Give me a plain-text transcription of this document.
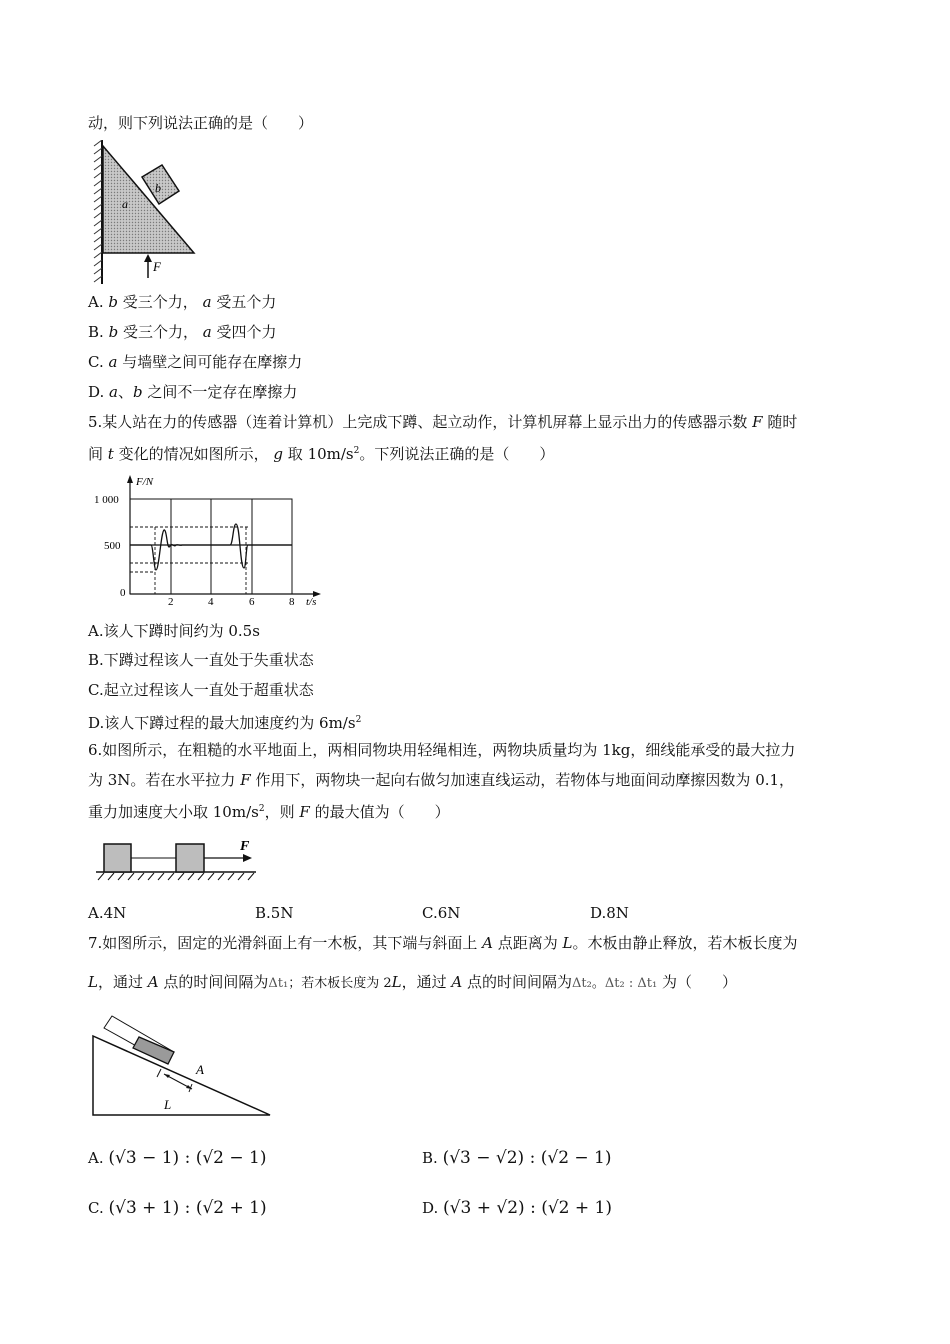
动，则下列说法正确的是（　　）
b
a
F
A. b 受三个力， a 受五个力
B. b 受三个力， a 受四个力
C. a 与墙壁之间可能存在摩擦力
D. a、b 之间不一定存在摩擦力
5.某人站在力的传感器（连着计算机）上完成下蹲、起立动作，计算机屏幕上显示出力的传感器示数 F 随时
间 t 变化的情况如图所示， g 取 $10m/s^2$。下列说法正确的是（　　）
F/N
t/s
1 000
500
0
2	4	6	8
A.该人下蹲时间约为 0.5s
B.下蹲过程该人一直处于失重状态
C.起立过程该人一直处于超重状态
D.该人下蹲过程的最大加速度约为 $6m/s^2$
6.如图所示，在粗糙的水平地面上，两相同物块用轻绳相连，两物块质量均为 1kg，细线能承受的最大拉力
为 3N。若在水平拉力 F 作用下，两物块一起向右做匀加速直线运动，若物体与地面间动摩擦因数为 0.1，
重力加速度大小取 $10m/s^2$，则 F 的最大值为（　　）
F
A.4N	B.5N	C.6N	D.8N
7.如图所示，固定的光滑斜面上有一木板，其下端与斜面上 A 点距离为 L。木板由静止释放，若木板长度为
L，通过 A 点的时间间隔为Δt₁；若木板长度为 2L，通过 A 点的时间间隔为Δt₂。Δt₂ : Δt₁ 为（　　）
L
A
A. (√3 − 1) : (√2 − 1)	B. (√3 − √2) : (√2 − 1)
C. (√3 + 1) : (√2 + 1)	D. (√3 + √2) : (√2 + 1)
